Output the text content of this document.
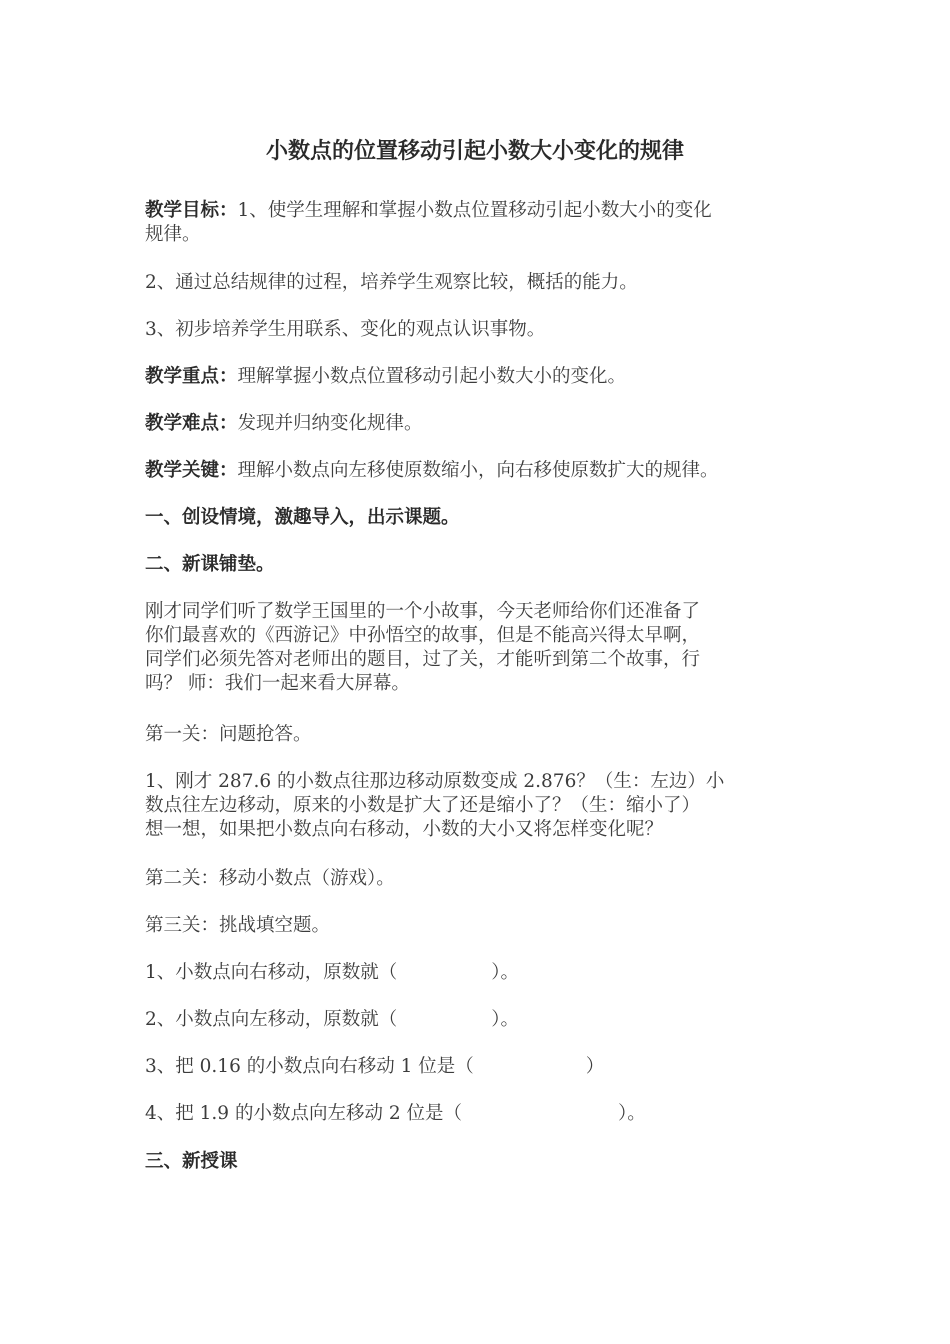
小数点的位置移动引起小数大小变化的规律
教学目标：1、使学生理解和掌握小数点位置移动引起小数大小的变化
规律。
2、通过总结规律的过程，培养学生观察比较，概括的能力。
3、初步培养学生用联系、变化的观点认识事物。
教学重点：理解掌握小数点位置移动引起小数大小的变化。
教学难点：发现并归纳变化规律。
教学关键：理解小数点向左移使原数缩小，向右移使原数扩大的规律。
一、创设情境，激趣导入，出示课题。
二、新课铺垫。
刚才同学们听了数学王国里的一个小故事，今天老师给你们还准备了
你们最喜欢的《西游记》中孙悟空的故事，但是不能高兴得太早啊，
同学们必须先答对老师出的题目，过了关，才能听到第二个故事，行
吗？ 师：我们一起来看大屏幕。
第一关：问题抢答。
1、刚才 287.6 的小数点往那边移动原数变成 2.876？（生：左边）小
数点往左边移动，原来的小数是扩大了还是缩小了？（生：缩小了）
想一想，如果把小数点向右移动，小数的大小又将怎样变化呢？
第二关：移动小数点（游戏）。
第三关：挑战填空题。
1、小数点向右移动，原数就（	）。
2、小数点向左移动，原数就（	）。
3、把 0.16 的小数点向右移动 1 位是（	）
4、把 1.9 的小数点向左移动 2 位是（	）。
三、新授课
